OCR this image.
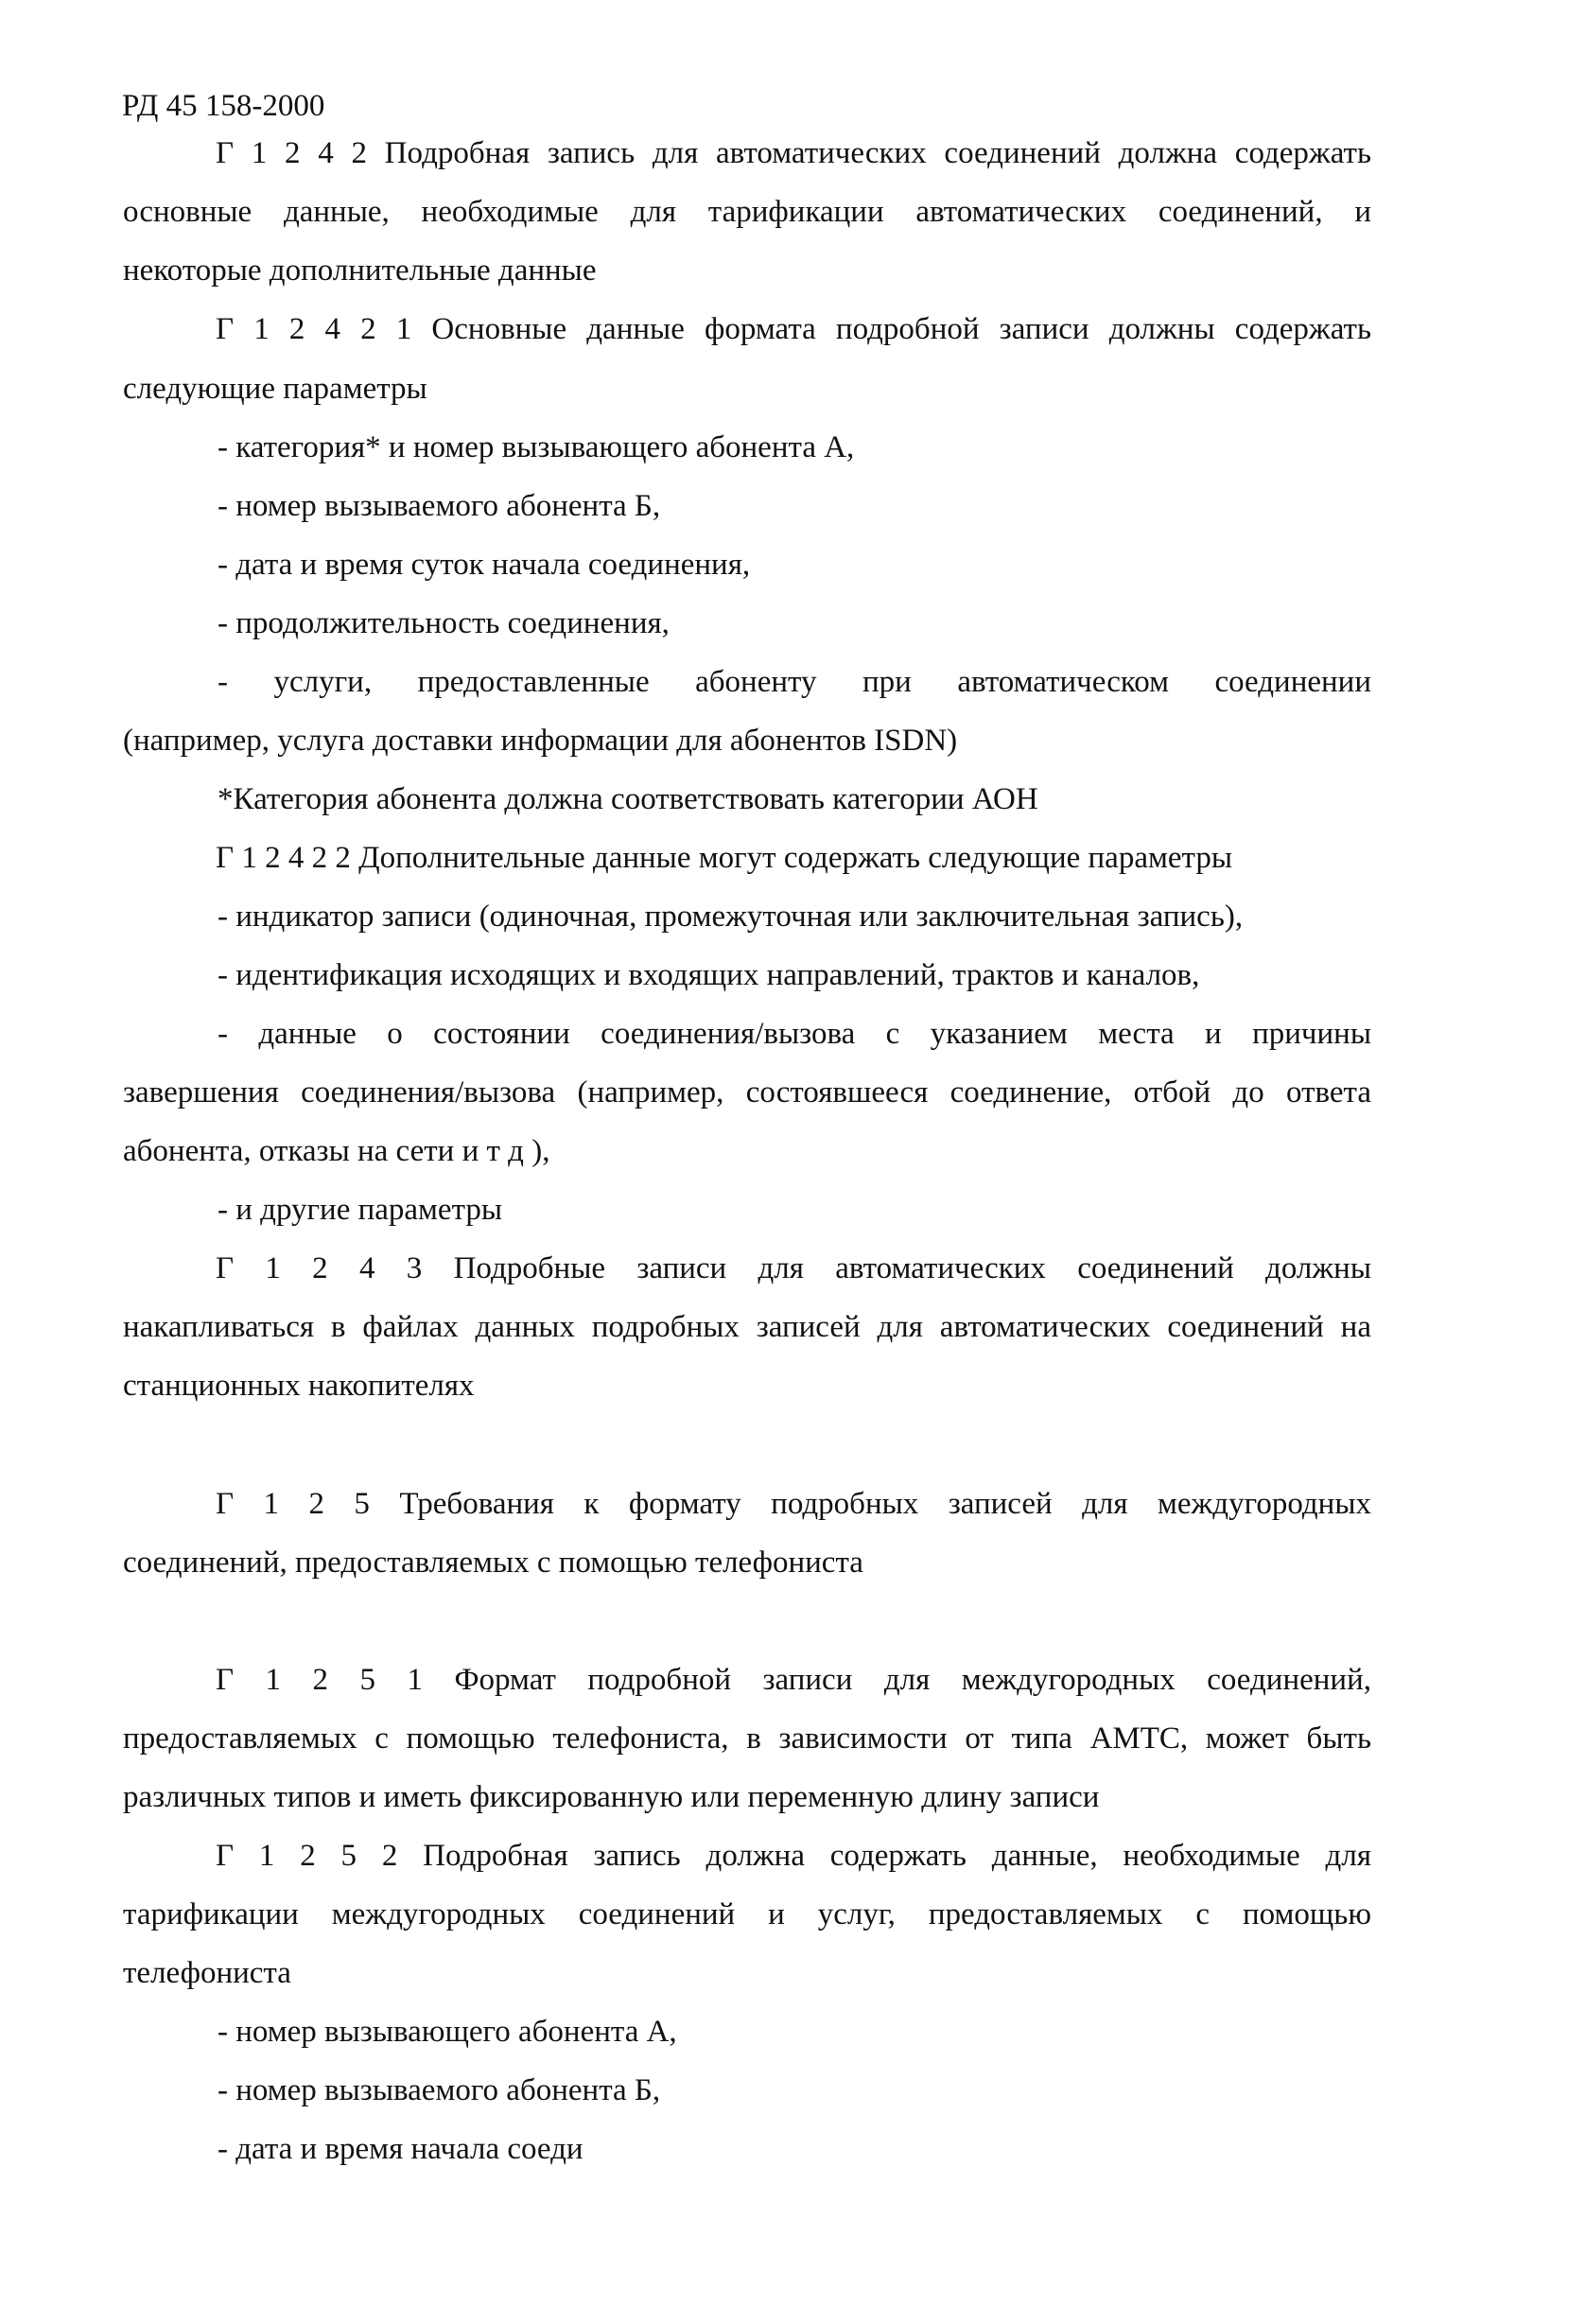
РД 45 158-2000
Г 1 2 4 2 Подробная запись для автоматических соединений должна содержать
основные данные, необходимые для тарификации автоматических соединений, и
некоторые дополнительные данные
Г 1 2 4 2 1 Основные данные формата подробной записи должны содержать
следующие параметры
- категория* и номер вызывающего абонента А,
- номер вызываемого абонента Б,
- дата и время суток начала соединения,
- продолжительность соединения,
- услуги, предоставленные абоненту при автоматическом соединении
(например, услуга доставки информации для абонентов ISDN)
*Категория абонента должна соответствовать категории АОН
Г 1 2 4 2 2 Дополнительные данные могут содержать следующие параметры
- индикатор записи (одиночная, промежуточная или заключительная запись),
- идентификация исходящих и входящих направлений, трактов и каналов,
- данные о состоянии соединения/вызова с указанием места и причины
завершения соединения/вызова (например, состоявшееся соединение, отбой до ответа
абонента, отказы на сети и т д ),
- и другие параметры
Г 1 2 4 3 Подробные записи для автоматических соединений должны
накапливаться в файлах данных подробных записей для автоматических соединений на
станционных накопителях
Г 1 2 5 Требования к формату подробных записей для междугородных
соединений, предоставляемых с помощью телефониста
Г 1 2 5 1 Формат подробной записи для междугородных соединений,
предоставляемых с помощью телефониста, в зависимости от типа АМТС, может быть
различных типов и иметь фиксированную или переменную длину записи
Г 1 2 5 2 Подробная запись должна содержать данные, необходимые для
тарификации междугородных соединений и услуг, предоставляемых с помощью
телефониста
- номер вызывающего абонента А,
- номер вызываемого абонента Б,
- дата и время начала соеди
